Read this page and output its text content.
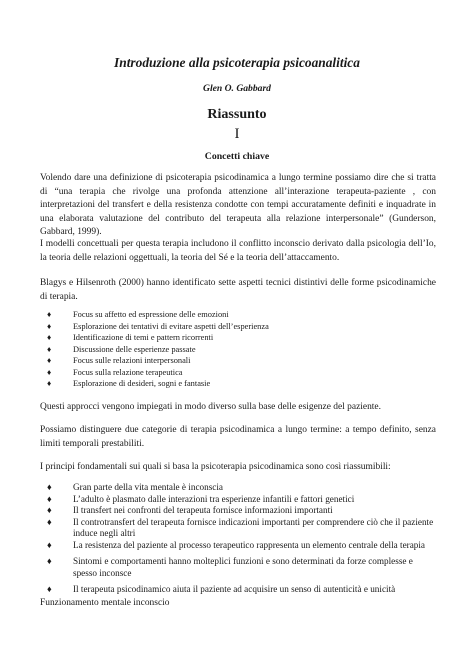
Introduzione alla psicoterapia psicoanalitica

Glen O. Gabbard

Riassunto

I

Concetti chiave

Volendo dare una definizione di psicoterapia psicodinamica a lungo termine possiamo dire che si tratta di “una terapia che rivolge una profonda attenzione all’interazione terapeuta-paziente , con interpretazioni del transfert e della resistenza condotte con tempi accuratamente definiti e inquadrate in una elaborata valutazione del contributo del terapeuta alla relazione interpersonale” (Gunderson, Gabbard, 1999).

I modelli concettuali per questa terapia includono il conflitto inconscio derivato dalla psicologia dell’Io, la teoria delle relazioni oggettuali, la teoria del Sé e la teoria dell’attaccamento.

Blagys e Hilsenroth (2000) hanno identificato sette aspetti tecnici distintivi delle forme psicodinamiche di terapia.

♦	Focus su affetto ed espressione delle emozioni
♦	Esplorazione dei tentativi di evitare aspetti dell’esperienza
♦	Identificazione di temi e pattern ricorrenti
♦	Discussione delle esperienze passate
♦	Focus sulle relazioni interpersonali
♦	Focus sulla relazione terapeutica
♦	Esplorazione di desideri, sogni e fantasie

Questi approcci vengono impiegati in modo diverso sulla base delle esigenze del paziente.

Possiamo distinguere due categorie di terapia psicodinamica a lungo termine: a tempo definito, senza limiti temporali prestabiliti.

I principi fondamentali sui quali si basa la psicoterapia psicodinamica sono così riassumibili:

♦ Gran parte della vita mentale è inconscia
♦ L’adulto è plasmato dalle interazioni tra esperienze infantili e fattori genetici
♦ Il transfert nei confronti del terapeuta fornisce informazioni importanti
♦ Il controtransfert del terapeuta fornisce indicazioni importanti per comprendere ciò che il paziente induce negli altri
♦ La resistenza del paziente al processo terapeutico rappresenta un elemento centrale della terapia
♦ Sintomi e comportamenti hanno molteplici funzioni e sono determinati da forze complesse e spesso inconsce
♦ Il terapeuta psicodinamico aiuta il paziente ad acquisire un senso di autenticità e unicità

Funzionamento mentale inconscio
